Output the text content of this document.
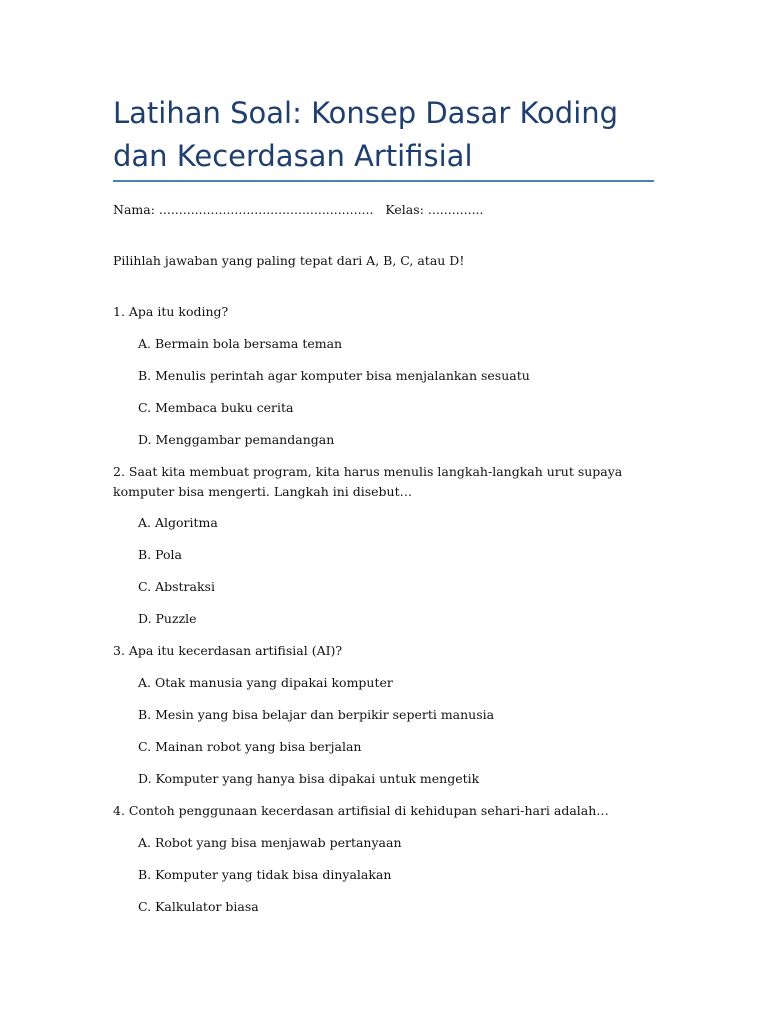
Latihan Soal: Konsep Dasar Koding dan Kecerdasan Artifisial

Nama: ...................................................... Kelas: ..............

Pilihlah jawaban yang paling tepat dari A, B, C, atau D!

1. Apa itu koding?

A. Bermain bola bersama teman

B. Menulis perintah agar komputer bisa menjalankan sesuatu

C. Membaca buku cerita

D. Menggambar pemandangan

2. Saat kita membuat program, kita harus menulis langkah-langkah urut supaya komputer bisa mengerti. Langkah ini disebut…

A. Algoritma

B. Pola

C. Abstraksi

D. Puzzle

3. Apa itu kecerdasan artifisial (AI)?

A. Otak manusia yang dipakai komputer

B. Mesin yang bisa belajar dan berpikir seperti manusia

C. Mainan robot yang bisa berjalan

D. Komputer yang hanya bisa dipakai untuk mengetik

4. Contoh penggunaan kecerdasan artifisial di kehidupan sehari-hari adalah…

A. Robot yang bisa menjawab pertanyaan

B. Komputer yang tidak bisa dinyalakan

C. Kalkulator biasa
